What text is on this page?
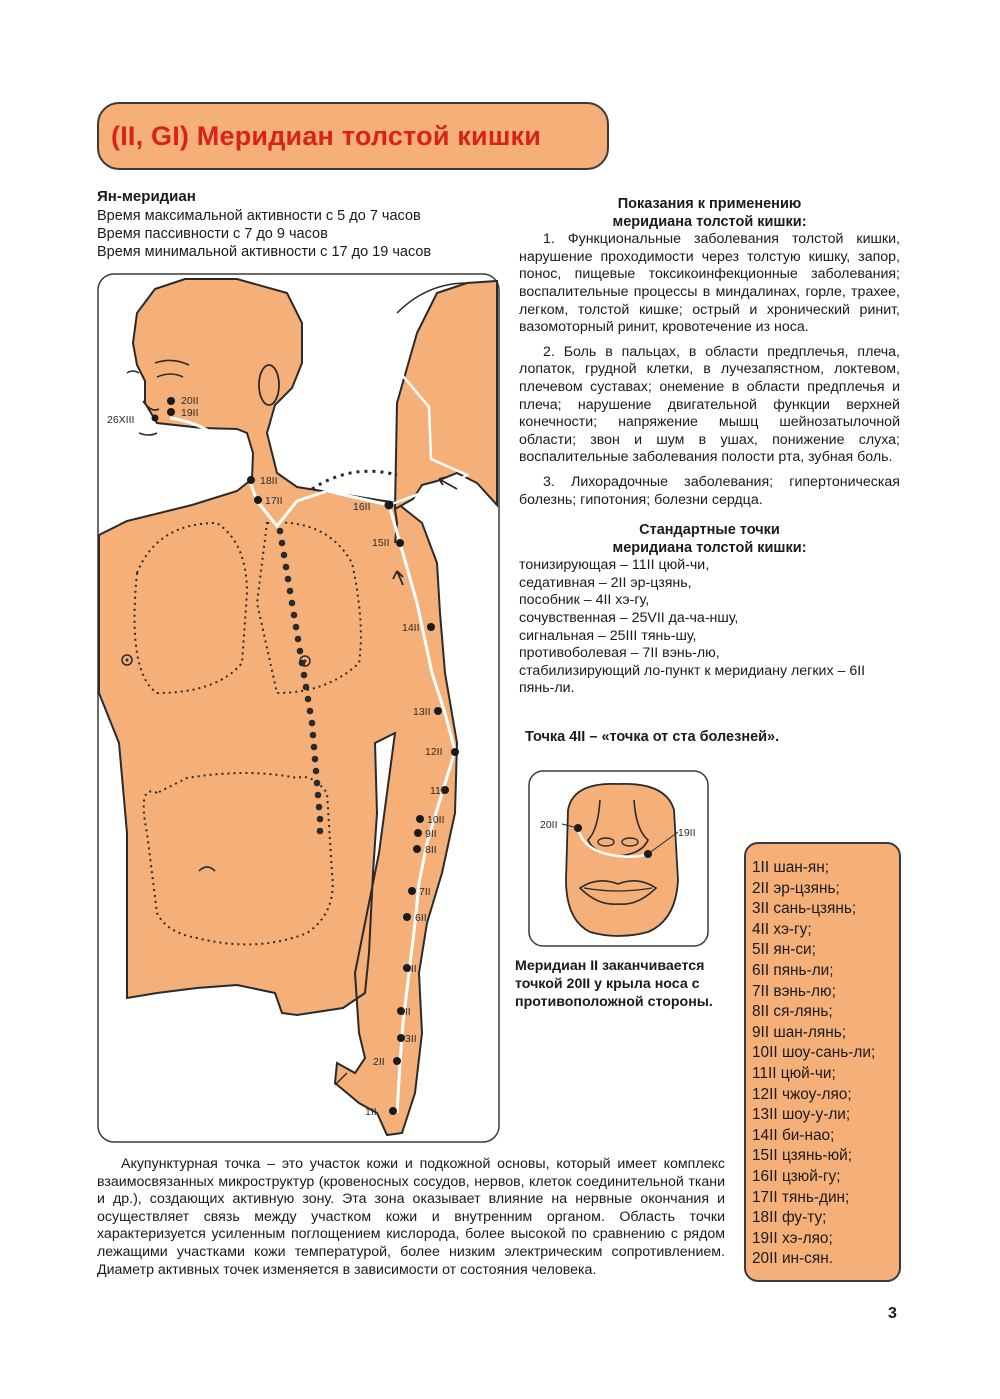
(II, GI) Меридиан толстой кишки
Ян-меридиан
Время максимальной активности с 5 до 7 часов
Время пассивности с 7 до 9 часов
Время минимальной активности с 17 до 19 часов
Показания к применению
меридиана толстой кишки:
1. Функциональные заболевания толстой кишки, нарушение проходимости через толстую кишку, запор, понос, пищевые токсикоинфекционные заболевания; воспалительные процессы в миндалинах, горле, трахее, легком, толстой кишке; острый и хронический ринит, вазомоторный ринит, кровотечение из носа.
2. Боль в пальцах, в области предплечья, плеча, лопаток, грудной клетки, в лучезапястном, локтевом, плечевом суставах; онемение в области предплечья и плеча; нарушение двигательной функции верхней конечности; напряжение мышц шейнозатылочной области; звон и шум в ушах, понижение слуха; воспалительные заболевания полости рта, зубная боль.
3. Лихорадочные заболевания; гипертоническая болезнь; гипотония; болезни сердца.
Стандартные точки
меридиана толстой кишки:
тонизирующая – 11II цюй-чи,
седативная – 2II эр-цзянь,
пособник – 4II хэ-гу,
сочувственная – 25VII да-ча-ншу,
сигнальная – 25III тянь-шу,
противоболевая – 7II вэнь-лю,
стабилизирующий ло-пункт к меридиану легких – 6II пянь-ли.
Точка 4II – «точка от ста болезней».
20II
19II
26XIII
18II
17II	16II
15II
14II
13II
12II
11II
10II
9II
8II
7II
6II
5II
4II
3II
2II
1II
20II
19II
Меридиан II заканчивается точкой 20II у крыла носа с противоположной стороны.
1II шан-ян;
2II эр-цзянь;
3II сань-цзянь;
4II хэ-гу;
5II ян-си;
6II пянь-ли;
7II вэнь-лю;
8II ся-лянь;
9II шан-лянь;
10II шоу-сань-ли;
11II цюй-чи;
12II чжоу-ляо;
13II шоу-у-ли;
14II би-нао;
15II цзянь-юй;
16II цзюй-гу;
17II тянь-дин;
18II фу-ту;
19II хэ-ляо;
20II ин-сян.
Акупунктурная точка – это участок кожи и подкожной основы, который имеет комплекс взаимосвязанных микроструктур (кровеносных сосудов, нервов, клеток соединительной ткани и др.), создающих активную зону. Эта зона оказывает влияние на нервные окончания и осуществляет связь между участком кожи и внутренним органом. Область точки характеризуется усиленным поглощением кислорода, более высокой по сравнению с рядом лежащими участками кожи температурой, более низким электрическим сопротивлением. Диаметр активных точек изменяется в зависимости от состояния человека.
3
